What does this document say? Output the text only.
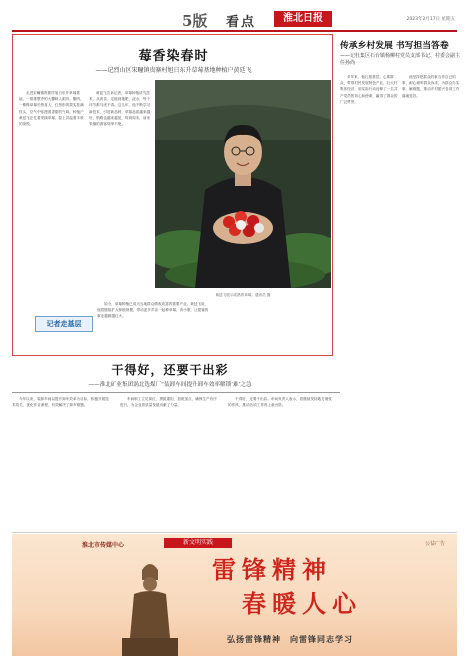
5版 看点	淮北日报	2023年2月17日 星期五
莓香染春时
——记烈山区宋疃镇贵寨村旭日东升草莓基地种植户黄廷飞
走进宋疃镇贵寨村旭日东升草莓基地，一排排整齐的大棚映入眼帘。棚内，一株株草莓长势喜人，红彤彤的果实挂满枝头，空气中弥漫着香甜的气味。种植户黄廷飞正忙着采摘草莓，脸上洋溢着丰收的喜悦。
黄廷飞告诉记者，草莓种植讲究技术，从育苗、定植到施肥、浇水，每个环节都马虎不得。这几年，他不断学习新技术，引进新品种，草莓品质越来越好，销路也越来越宽，每到周末，前来采摘的游客络绎不绝。
黄廷飞展示成熟的草莓。通讯员 摄
记者走基层
如今，草莓种植已成为当地群众增收致富的重要产业。黄廷飞说，他将继续扩大种植规模，带动更多乡亲一起种草莓、奔小康，让甜蜜的事业越做越红火。
传承乡村发展 书写担当答卷
——记杜集区石台镇杨柳村党员支部书记、村委会副主任孙尚
多年来，他扎根基层，心系群众，带领村民发展特色产业，壮大村集体经济，用实际行动诠释了一名共产党员的初心和使命，赢得了群众的广泛赞誉。
他坚持把群众的事当作自己的事，耐心倾听群众诉求，为群众办实事、解难题，推动乡村振兴各项工作落地见效。
干得好，还要干出彩
——淮北矿业集团涡北选煤厂“装卸车间提升卸车效率解锁‘难’之急
今年以来，装卸车间以提升卸车效率为目标，积极开展技术攻关，优化作业流程，有效解决了卸车难题。
车间职工立足岗位，勇挑重担，加班加点，确保生产有序进行，为企业高质量发展贡献了力量。
干得好，还要干出彩。车间负责人表示，将继续发扬敢打硬仗的作风，推动各项工作再上新台阶。
淮北市传媒中心	新文明实践	公益广告
雷锋精神
春暖人心
弘扬雷锋精神　向雷锋同志学习
